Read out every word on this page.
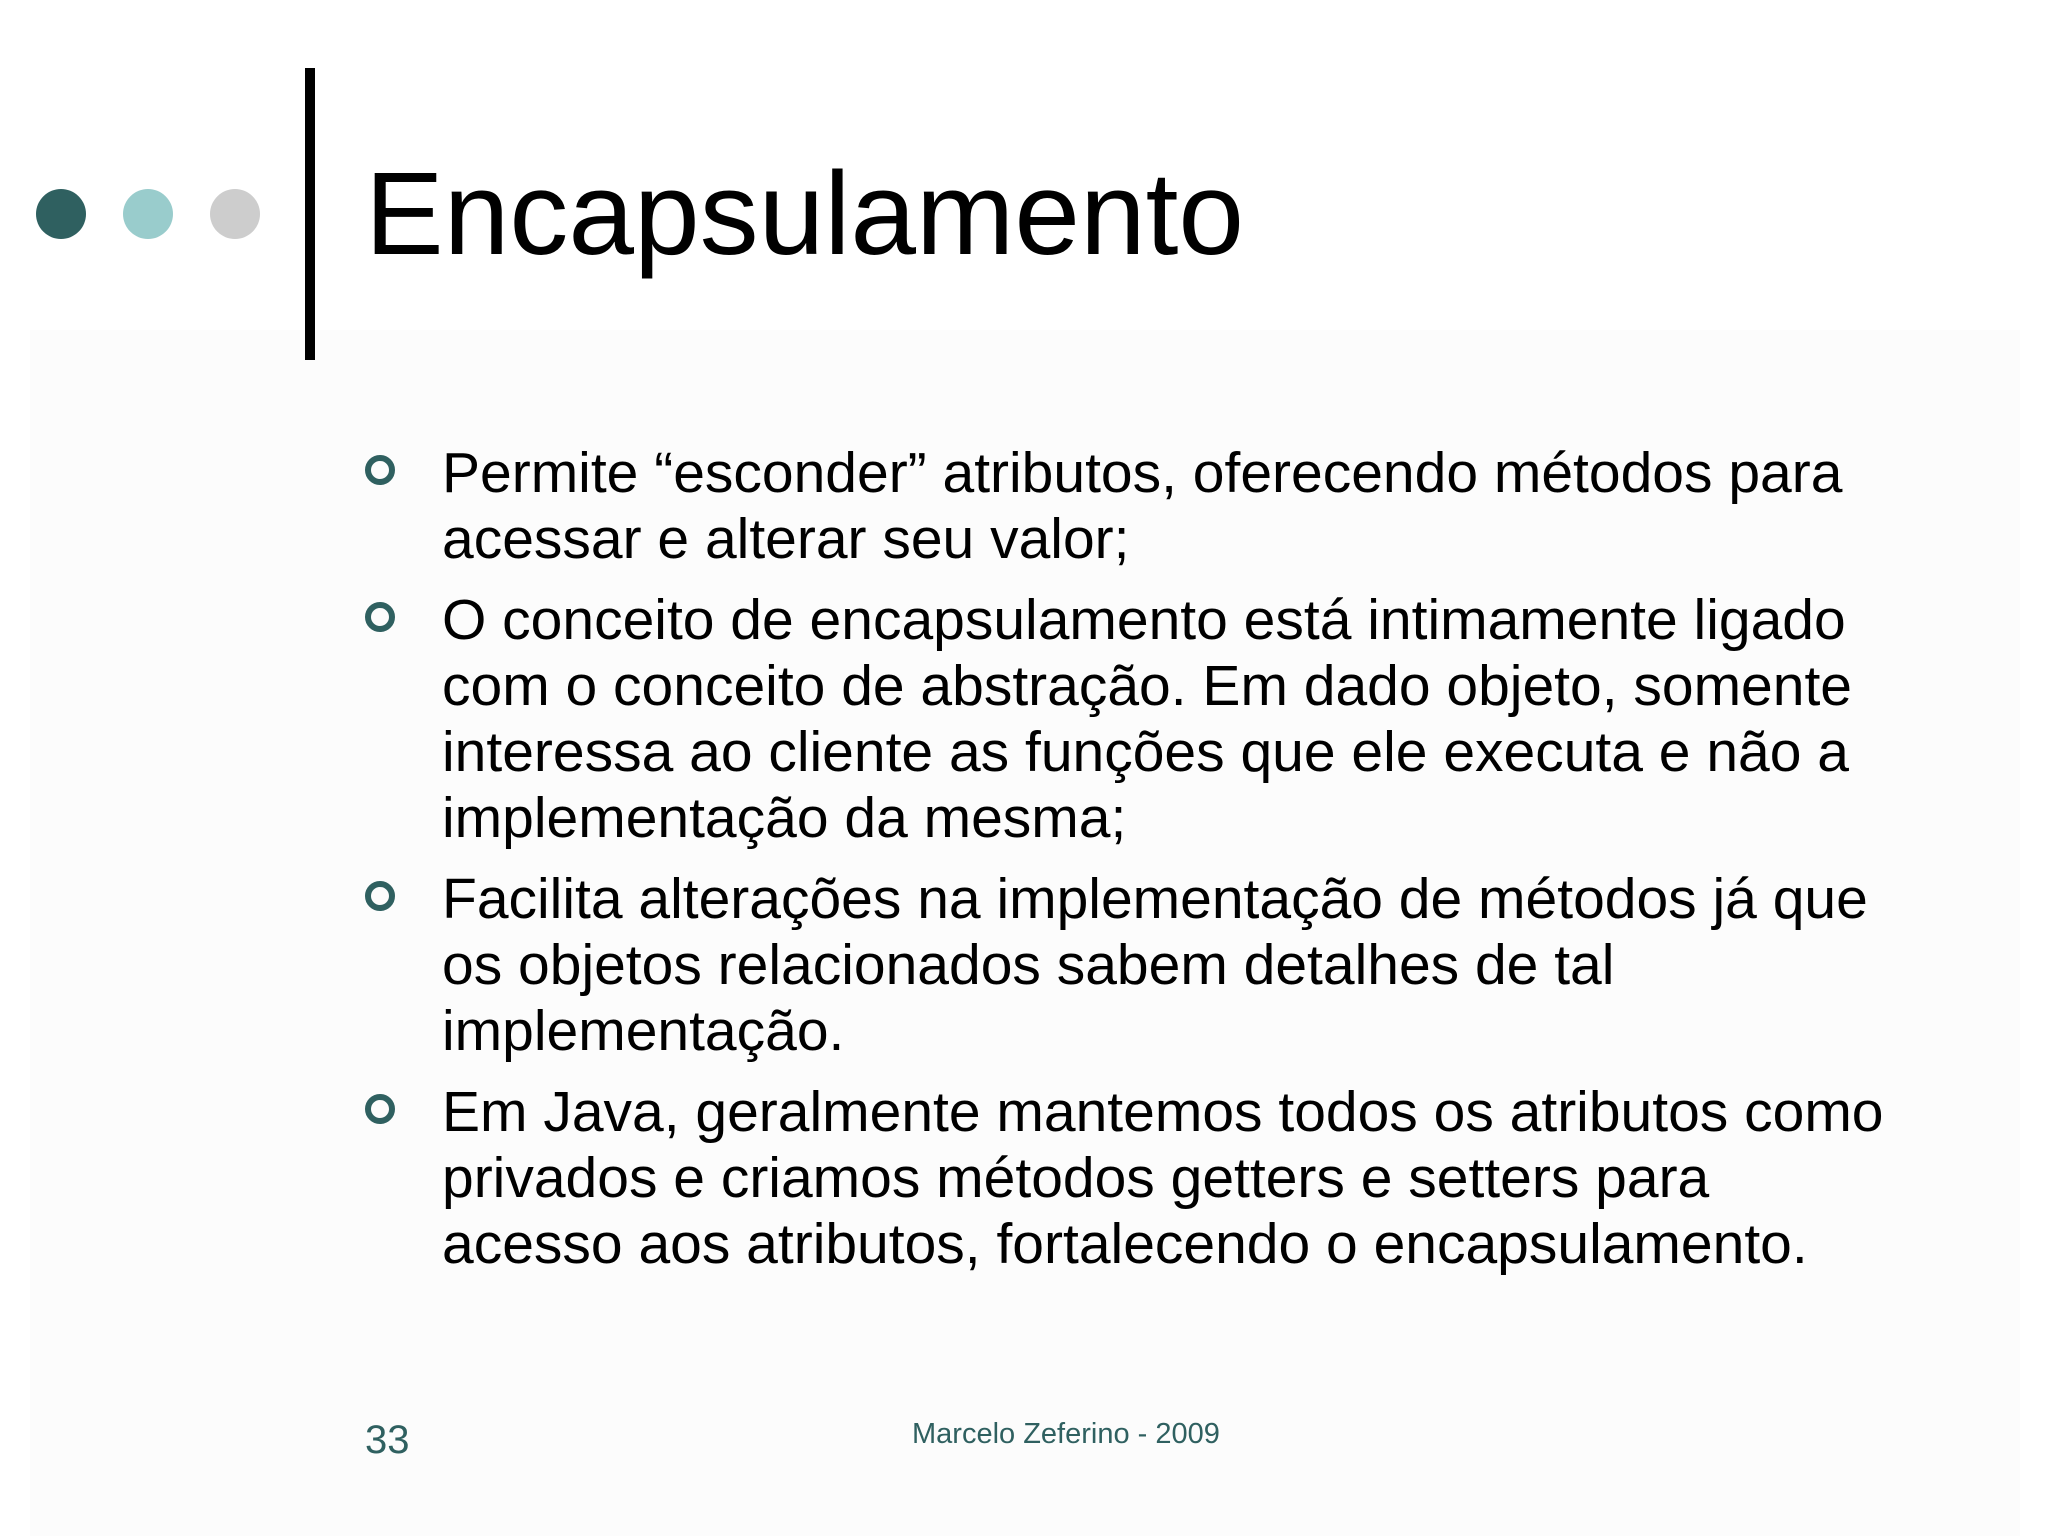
Encapsulamento
Permite “esconder” atributos, oferecendo métodos para acessar e alterar seu valor;
O conceito de encapsulamento está intimamente ligado com o conceito de abstração. Em dado objeto, somente interessa ao cliente as funções que ele executa e não a implementação da mesma;
Facilita alterações na implementação de métodos já que os objetos relacionados sabem detalhes de tal implementação.
Em Java, geralmente mantemos todos os atributos como privados e criamos métodos getters e setters para acesso aos atributos, fortalecendo o encapsulamento.
33	Marcelo Zeferino - 2009
